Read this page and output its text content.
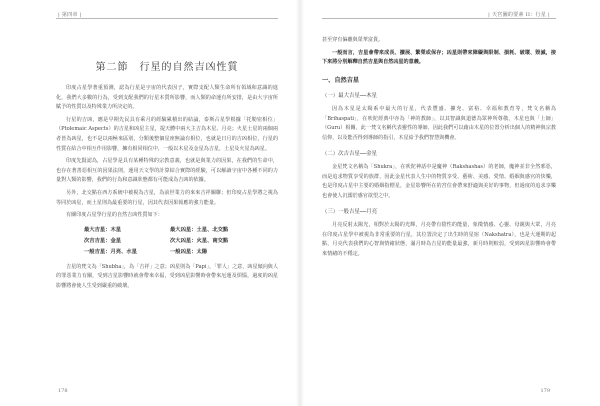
| 第四章 |
第二節　行星的自然吉凶性質

印度占星學著重預測，認為行星是宇宙的代表因子，實際支配人類生命所有領域和意識的進化，我們大多數的行為，受到支配我們的行星本質所影響，而人類的命運有所安排，是由大宇宙所賦予的性質以及特殊業力所決定的。

行星的吉凶，應是早期先民具有乘月的經驗累積出的結論，泰斯占星學根據「托勒密相位」（Ptolemaic Aspects）的吉星和凶星主星，提天體中兩大主吉為木星、月亮；火星土星的兩個兩者皆為凶星，也不是以兩極來區別，分類後整個星座無論有相位，也就是日月的吉凶相位，行星的性質在結合中相互作用影響，擁有相同相位中，一般以木星及金星為吉星，土星及火星為凶星。

印度先賢認為，占星學是具有某種特殊的宗教意義，也就是與業力的因果，在我們的生命中，也存在著善惡相互的因果法則，運用天文學的計算結合實際的經驗，可以解讀宇宙中各種不同的力量對人類的影響，我們的行為和意識狀態都有可能成為吉凶的依據。

另外，北交點在西方系統中被視為吉星，為前世業力的來來吉祥關聯；但印度占星學將之視為等同於凶星，而土星則為最重要的行星，因其代表因果報應的強力能量。

有關印度占星學行星的自然吉凶性質如下：

最大吉星：木星	最大凶星：土星、北交點
次吉吉星：金星	次大凶星：火星、南交點
一般吉星：月亮、水星	一般凶星：太陽

吉星的梵文為「Shubha」，為「吉祥」之意；凶星則為「Papi」，「罪人」之意，凶星傾向與人的罪惡業力有關，受到吉星影響時就會帶來幸福，受到凶星影響時會帶來厄運及煩惱，過度的凶星影響將會使人生受到嚴重的破壞。

178
| 天宮圖的要素 II：行星 |

甚至穿有偏離與榮華富貴。

一般而言，吉星會帶來成長、擴展、繁榮或保存；凶星則帶來障礙與限制、損耗、破壞、毀滅，接下來將分別解釋自然吉星與自然凶星的意義。

一、自然吉星
（一）最大吉星──木星

因為木星是太陽系中最大的行星，代表豐盛、擴充、富裕、幸福和教育等，梵文名稱為「Brihaspati」，在吠陀經典中亦為「神的教師」，以其智識與道德為眾神所尊敬，木星也與「上師」（Guru）相關，此一梵文名稱代表靈性的導師，因此我們可以藉由木星的位置分析出個人的精神與宗教信仰，以及能否得到導師的指引，木星給予我們智慧與機會。

（二）次吉吉星──金星

金星梵文名稱為「Shukra」，在吠陀神話中是魔神（Rakshashas）的老師，魔神並非全然邪惡，而是追求物質享受的族群，因此金星代表人生中的物質享受、藝術、美感、愛情、婚姻與感官的快樂，也是印度占星中主要的婚姻指標星，金星影響所在的宮位會帶來舒適與美好的事物，但過度的追求享樂也會使人沉溺於感官欲望之中。

（三）一般吉星──月亮

月亮反射太陽光，相對於太陽的光輝，月亮帶有陰性的能量，象徵情感、心靈、母親與大眾，月亮在印度占星學中被視為非常重要的行星，其位置決定了出生時的星宿（Nakshatra），也是大運期的起點，月亮代表我們的心智與情緒狀態，滿月時為吉星的能量最強，新月時則較弱，受到凶星影響時會帶來情緒的不穩定。

179
